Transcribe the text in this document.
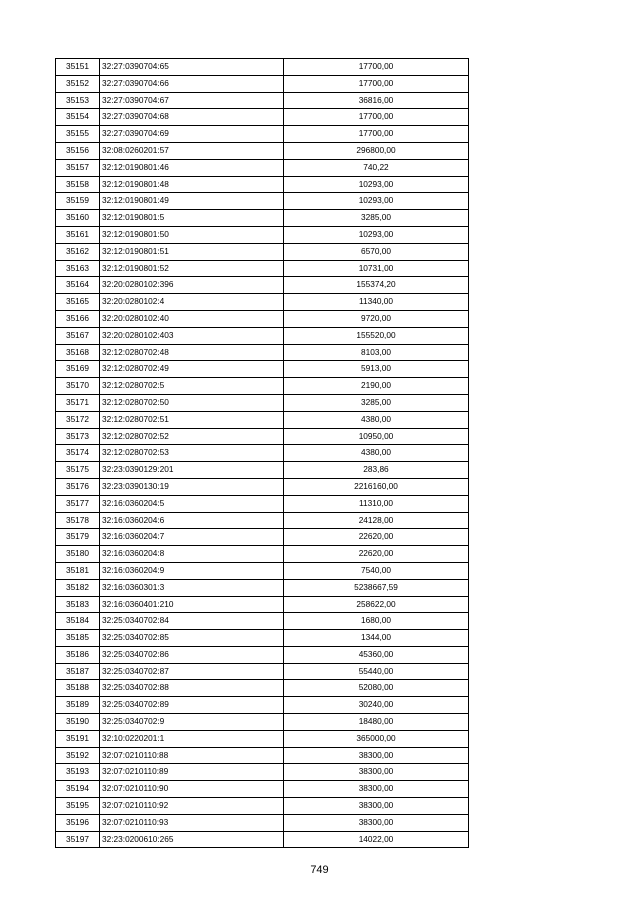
35151	32:27:0390704:65	17700,00
35152	32:27:0390704:66	17700,00
35153	32:27:0390704:67	36816,00
35154	32:27:0390704:68	17700,00
35155	32:27:0390704:69	17700,00
35156	32:08:0260201:57	296800,00
35157	32:12:0190801:46	740,22
35158	32:12:0190801:48	10293,00
35159	32:12:0190801:49	10293,00
35160	32:12:0190801:5	3285,00
35161	32:12:0190801:50	10293,00
35162	32:12:0190801:51	6570,00
35163	32:12:0190801:52	10731,00
35164	32:20:0280102:396	155374,20
35165	32:20:0280102:4	11340,00
35166	32:20:0280102:40	9720,00
35167	32:20:0280102:403	155520,00
35168	32:12:0280702:48	8103,00
35169	32:12:0280702:49	5913,00
35170	32:12:0280702:5	2190,00
35171	32:12:0280702:50	3285,00
35172	32:12:0280702:51	4380,00
35173	32:12:0280702:52	10950,00
35174	32:12:0280702:53	4380,00
35175	32:23:0390129:201	283,86
35176	32:23:0390130:19	2216160,00
35177	32:16:0360204:5	11310,00
35178	32:16:0360204:6	24128,00
35179	32:16:0360204:7	22620,00
35180	32:16:0360204:8	22620,00
35181	32:16:0360204:9	7540,00
35182	32:16:0360301:3	5238667,59
35183	32:16:0360401:210	258622,00
35184	32:25:0340702:84	1680,00
35185	32:25:0340702:85	1344,00
35186	32:25:0340702:86	45360,00
35187	32:25:0340702:87	55440,00
35188	32:25:0340702:88	52080,00
35189	32:25:0340702:89	30240,00
35190	32:25:0340702:9	18480,00
35191	32:10:0220201:1	365000,00
35192	32:07:0210110:88	38300,00
35193	32:07:0210110:89	38300,00
35194	32:07:0210110:90	38300,00
35195	32:07:0210110:92	38300,00
35196	32:07:0210110:93	38300,00
35197	32:23:0200610:265	14022,00
749
